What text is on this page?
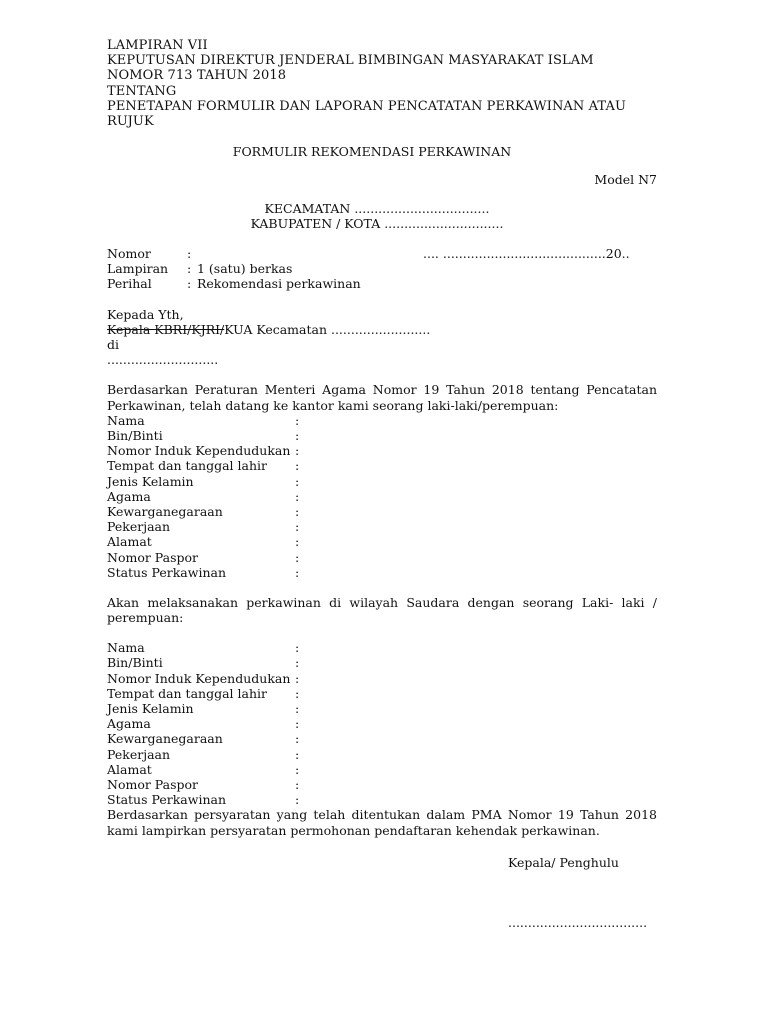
LAMPIRAN VII
KEPUTUSAN DIREKTUR JENDERAL BIMBINGAN MASYARAKAT ISLAM
NOMOR 713 TAHUN 2018
TENTANG
PENETAPAN FORMULIR DAN LAPORAN PENCATATAN PERKAWINAN ATAU
RUJUK
FORMULIR REKOMENDASI PERKAWINAN
Model N7
KECAMATAN ..................................
KABUPATEN / KOTA ..............................
Nomor	:	.... .........................................20..
Lampiran	: 1 (satu) berkas
Perihal	: Rekomendasi perkawinan
Kepada Yth,
Kepala KBRI/KJRI/KUA Kecamatan .........................
di
............................
Berdasarkan Peraturan Menteri Agama Nomor 19 Tahun 2018 tentang Pencatatan Perkawinan, telah datang ke kantor kami seorang laki-laki/perempuan:
Nama	:
Bin/Binti	:
Nomor Induk Kependudukan :
Tempat dan tanggal lahir	:
Jenis Kelamin	:
Agama	:
Kewarganegaraan	:
Pekerjaan	:
Alamat	:
Nomor Paspor	:
Status Perkawinan	:
Akan melaksanakan perkawinan di wilayah Saudara dengan seorang Laki- laki / perempuan:
Nama	:
Bin/Binti	:
Nomor Induk Kependudukan :
Tempat dan tanggal lahir	:
Jenis Kelamin	:
Agama	:
Kewarganegaraan	:
Pekerjaan	:
Alamat	:
Nomor Paspor	:
Status Perkawinan	:
Berdasarkan persyaratan yang telah ditentukan dalam PMA Nomor 19 Tahun 2018 kami lampirkan persyaratan permohonan pendaftaran kehendak perkawinan.
Kepala/ Penghulu
...................................
